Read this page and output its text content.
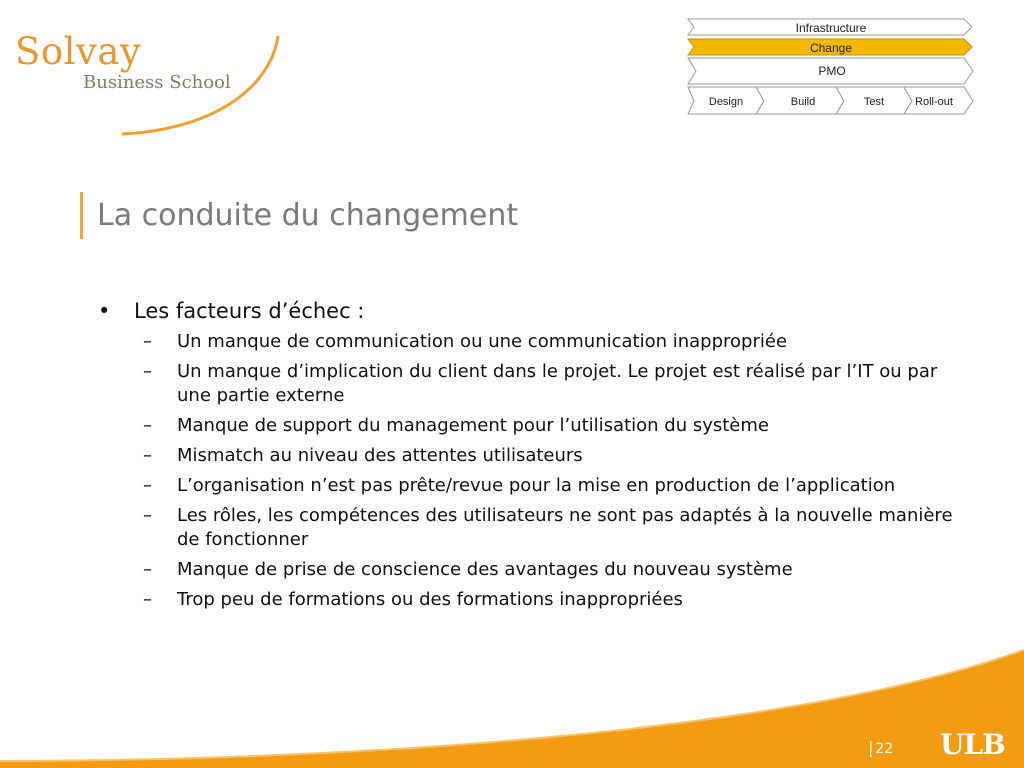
Solvay
Business School
Infrastructure
Change
PMO
Design	Build	Test	Roll-out
La conduite du changement
•	Les facteurs d’échec :
–	Un manque de communication ou une communication inappropriée
–	Un manque d’implication du client dans le projet. Le projet est réalisé par l’IT ou par une partie externe
–	Manque de support du management pour l’utilisation du système
–	Mismatch au niveau des attentes utilisateurs
–	L’organisation n’est pas prête/revue pour la mise en production de l’application
–	Les rôles, les compétences des utilisateurs ne sont pas adaptés à la nouvelle manière de fonctionner
–	Manque de prise de conscience des avantages du nouveau système
–	Trop peu de formations ou des formations inappropriées
| 22 ULB
